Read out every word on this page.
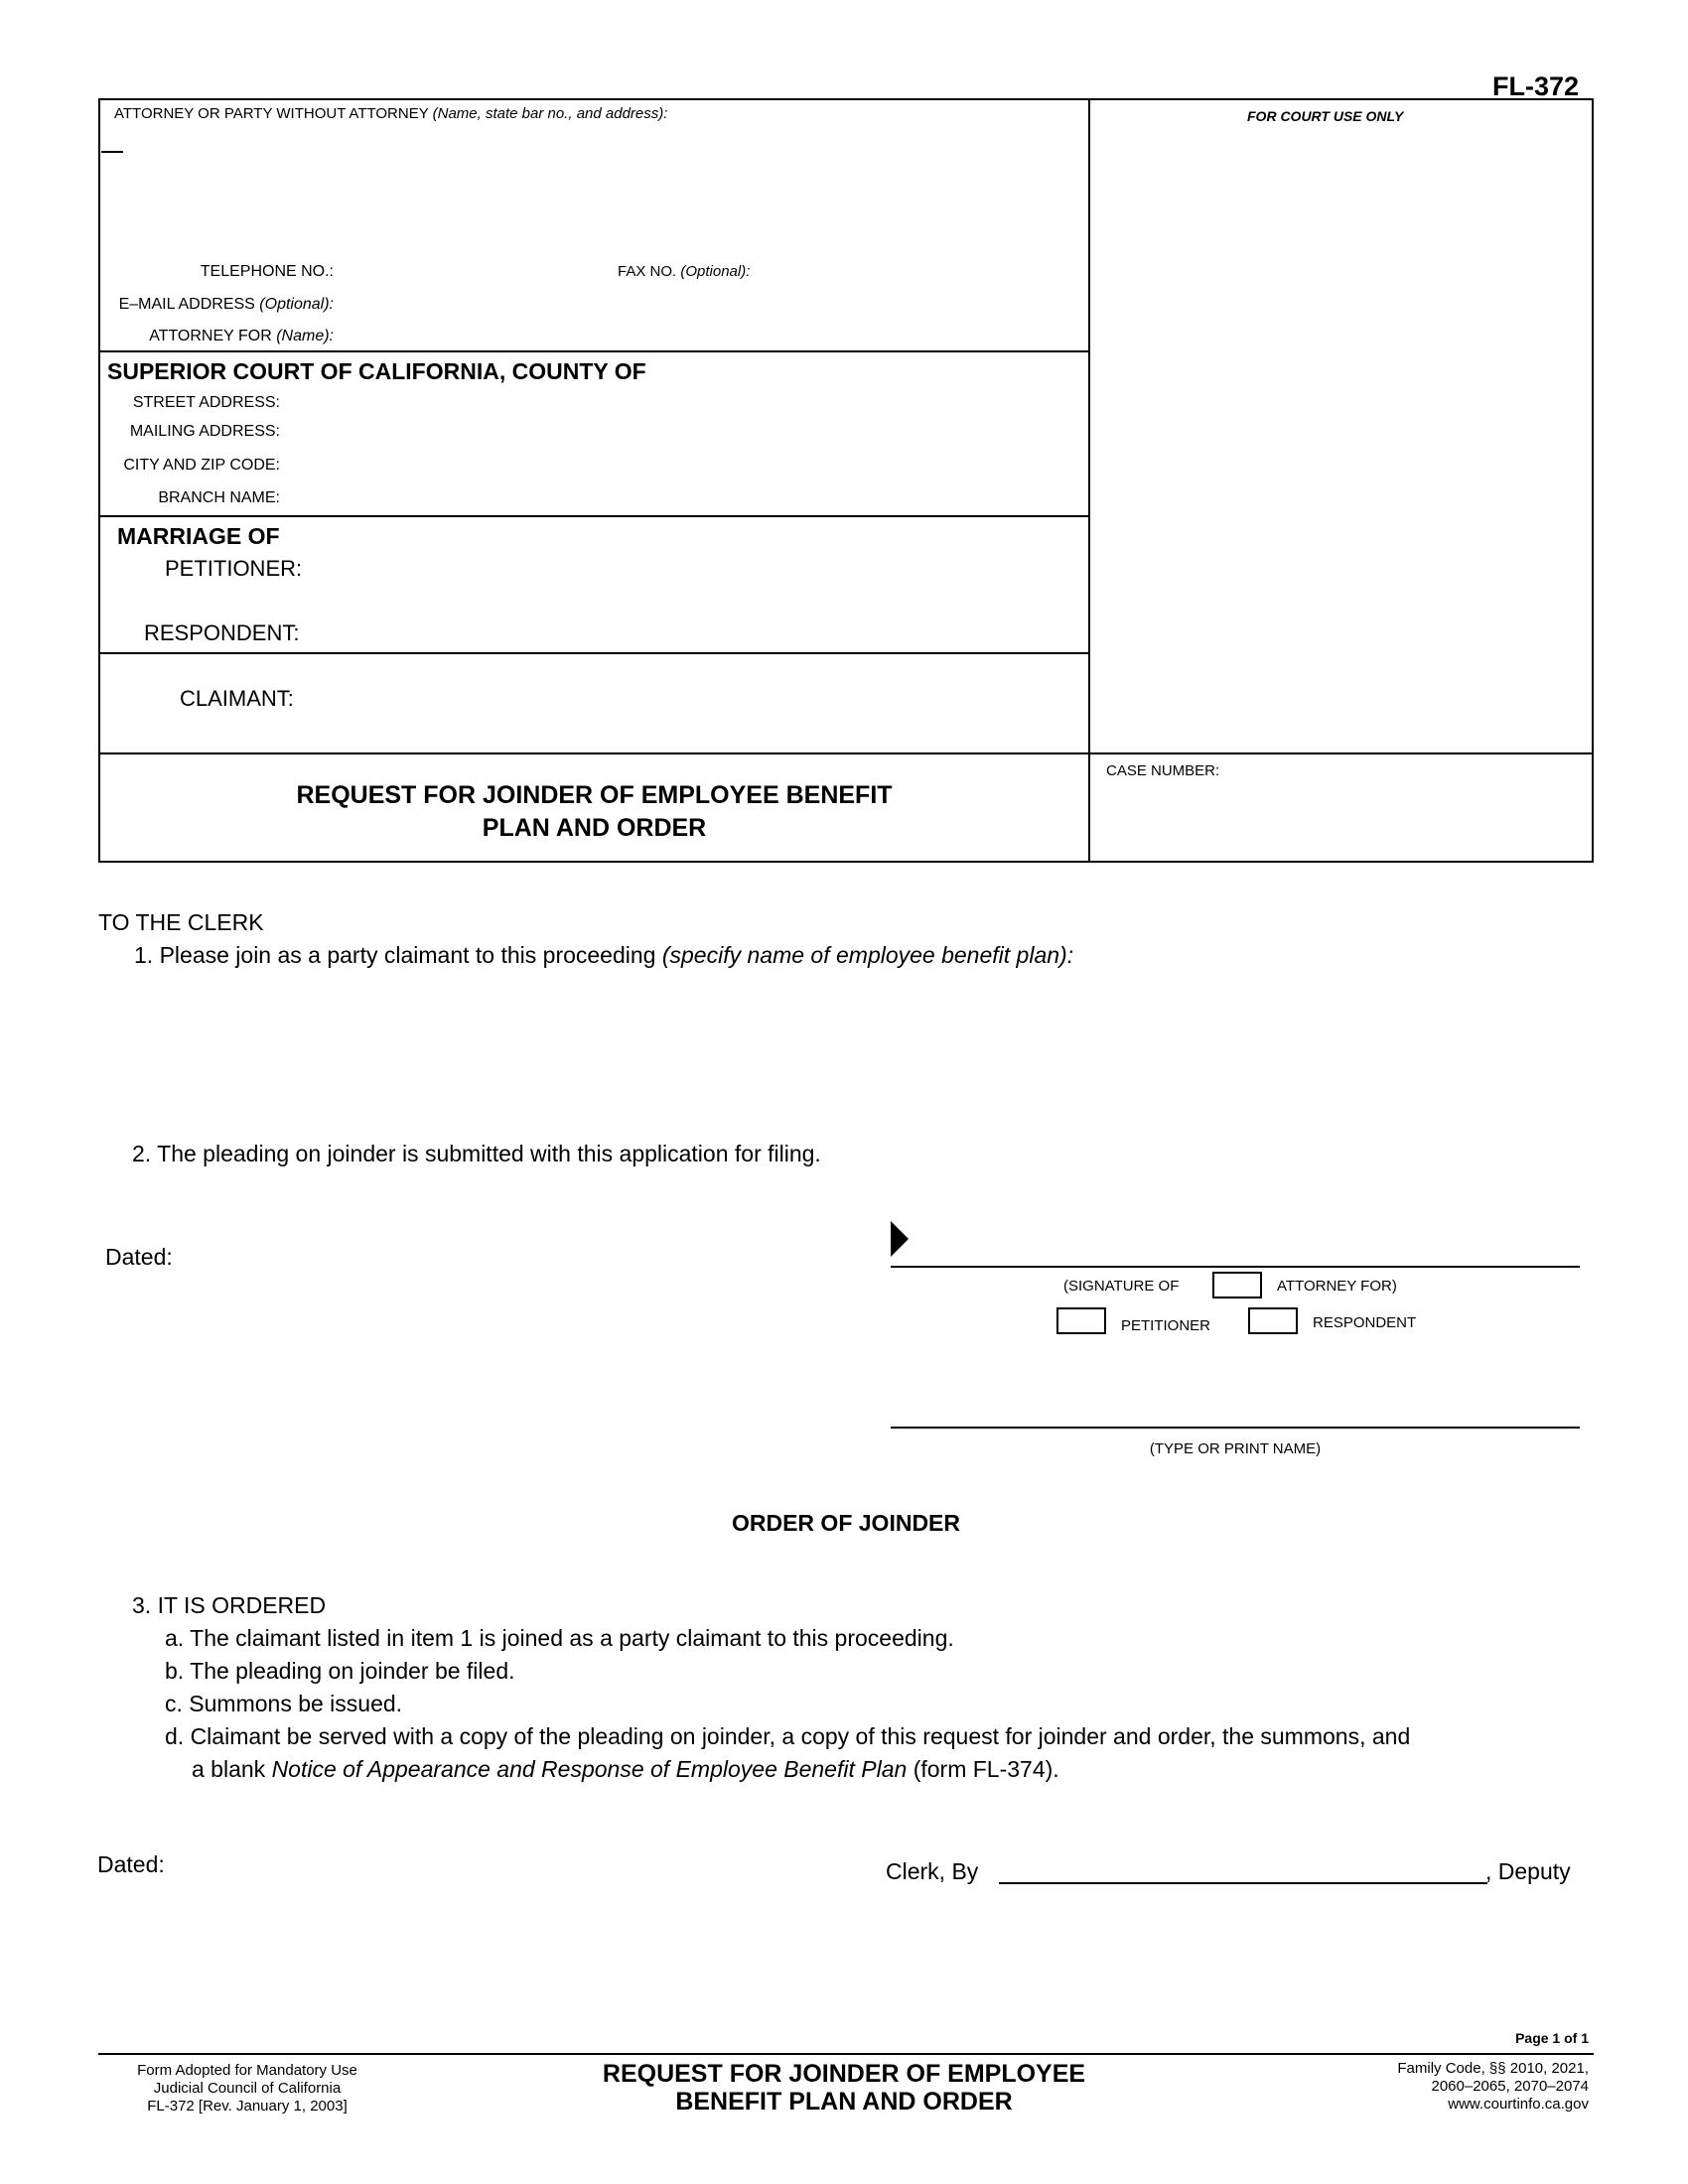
FL-372
ATTORNEY OR PARTY WITHOUT ATTORNEY (Name, state bar no., and address):
TELEPHONE NO.:	FAX NO. (Optional):
E–MAIL ADDRESS (Optional):
ATTORNEY FOR (Name):
FOR COURT USE ONLY
SUPERIOR COURT OF CALIFORNIA, COUNTY OF
STREET ADDRESS:
MAILING ADDRESS:
CITY AND ZIP CODE:
BRANCH NAME:
MARRIAGE OF
PETITIONER:
RESPONDENT:
CLAIMANT:
REQUEST FOR JOINDER OF EMPLOYEE BENEFIT
PLAN AND ORDER
CASE NUMBER:
TO THE CLERK
1. Please join as a party claimant to this proceeding (specify name of employee benefit plan):
2. The pleading on joinder is submitted with this application for filing.
Dated:
(SIGNATURE OF	ATTORNEY FOR)
PETITIONER	RESPONDENT
(TYPE OR PRINT NAME)
ORDER OF JOINDER
3. IT IS ORDERED
a. The claimant listed in item 1 is joined as a party claimant to this proceeding.
b. The pleading on joinder be filed.
c. Summons be issued.
d. Claimant be served with a copy of the pleading on joinder, a copy of this request for joinder and order, the summons, and
a blank Notice of Appearance and Response of Employee Benefit Plan (form FL-374).
Dated:	Clerk, By	, Deputy
Page 1 of 1
Form Adopted for Mandatory Use
Judicial Council of California
FL-372 [Rev. January 1, 2003]
REQUEST FOR JOINDER OF EMPLOYEE
BENEFIT PLAN AND ORDER
Family Code, §§ 2010, 2021,
2060–2065, 2070–2074
www.courtinfo.ca.gov
